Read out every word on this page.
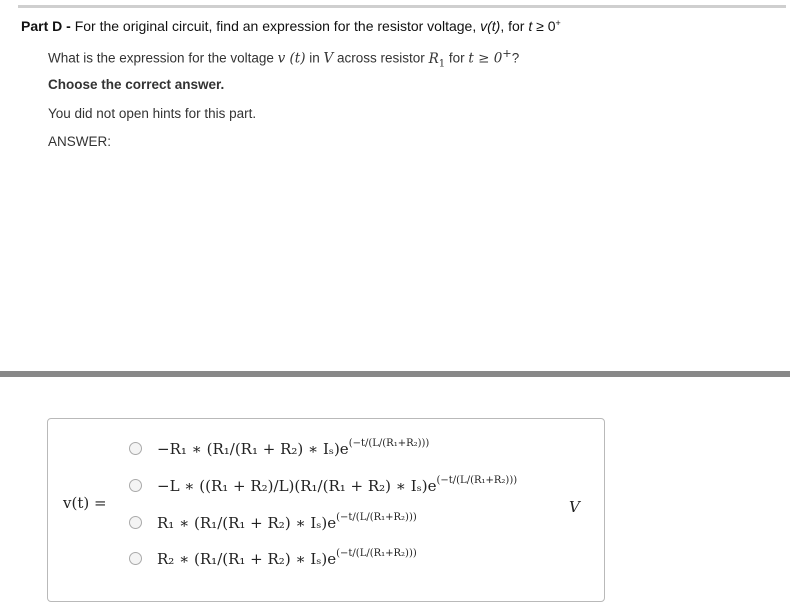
Part D - For the original circuit, find an expression for the resistor voltage, v(t), for t ≥ 0+
What is the expression for the voltage v (t) in V across resistor $R_1$ for t ≥ 0+?
Choose the correct answer.
You did not open hints for this part.
ANSWER:
v(t) =	V
−R₁ ∗ (R₁/(R₁ + R₂) ∗ $I_s)e^{(-t/(L/(R_1+R_2)))}$
−L ∗ ((R₁ + R₂)/L)(R₁/(R₁ + R₂) ∗ $I_s)e^{(-t/(L/(R_1+R_2)))}$
R₁ ∗ (R₁/(R₁ + R₂) ∗ $I_s)e^{(-t/(L/(R_1+R_2)))}$
R₂ ∗ (R₁/(R₁ + R₂) ∗ $I_s)e^{(-t/(L/(R_1+R_2)))}$
